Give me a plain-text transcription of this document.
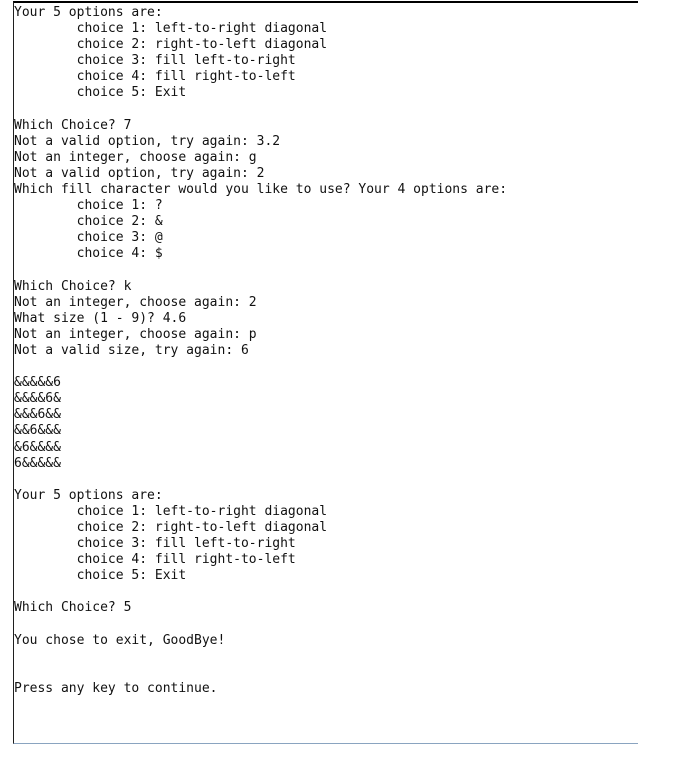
Your 5 options are:
choice 1: left-to-right diagonal
choice 2: right-to-left diagonal
choice 3: fill left-to-right
choice 4: fill right-to-left
choice 5: Exit
Which Choice? 7
Not a valid option, try again: 3.2
Not an integer, choose again: g
Not a valid option, try again: 2
Which fill character would you like to use? Your 4 options are:
choice 1: ?
choice 2: &
choice 3: @
choice 4: $
Which Choice? k
Not an integer, choose again: 2
What size (1 - 9)? 4.6
Not an integer, choose again: p
Not a valid size, try again: 6
&&&&&6
&&&&6&
&&&6&&
&&6&&&
&6&&&&
6&&&&&
Your 5 options are:
choice 1: left-to-right diagonal
choice 2: right-to-left diagonal
choice 3: fill left-to-right
choice 4: fill right-to-left
choice 5: Exit
Which Choice? 5
You chose to exit, GoodBye!
Press any key to continue.
